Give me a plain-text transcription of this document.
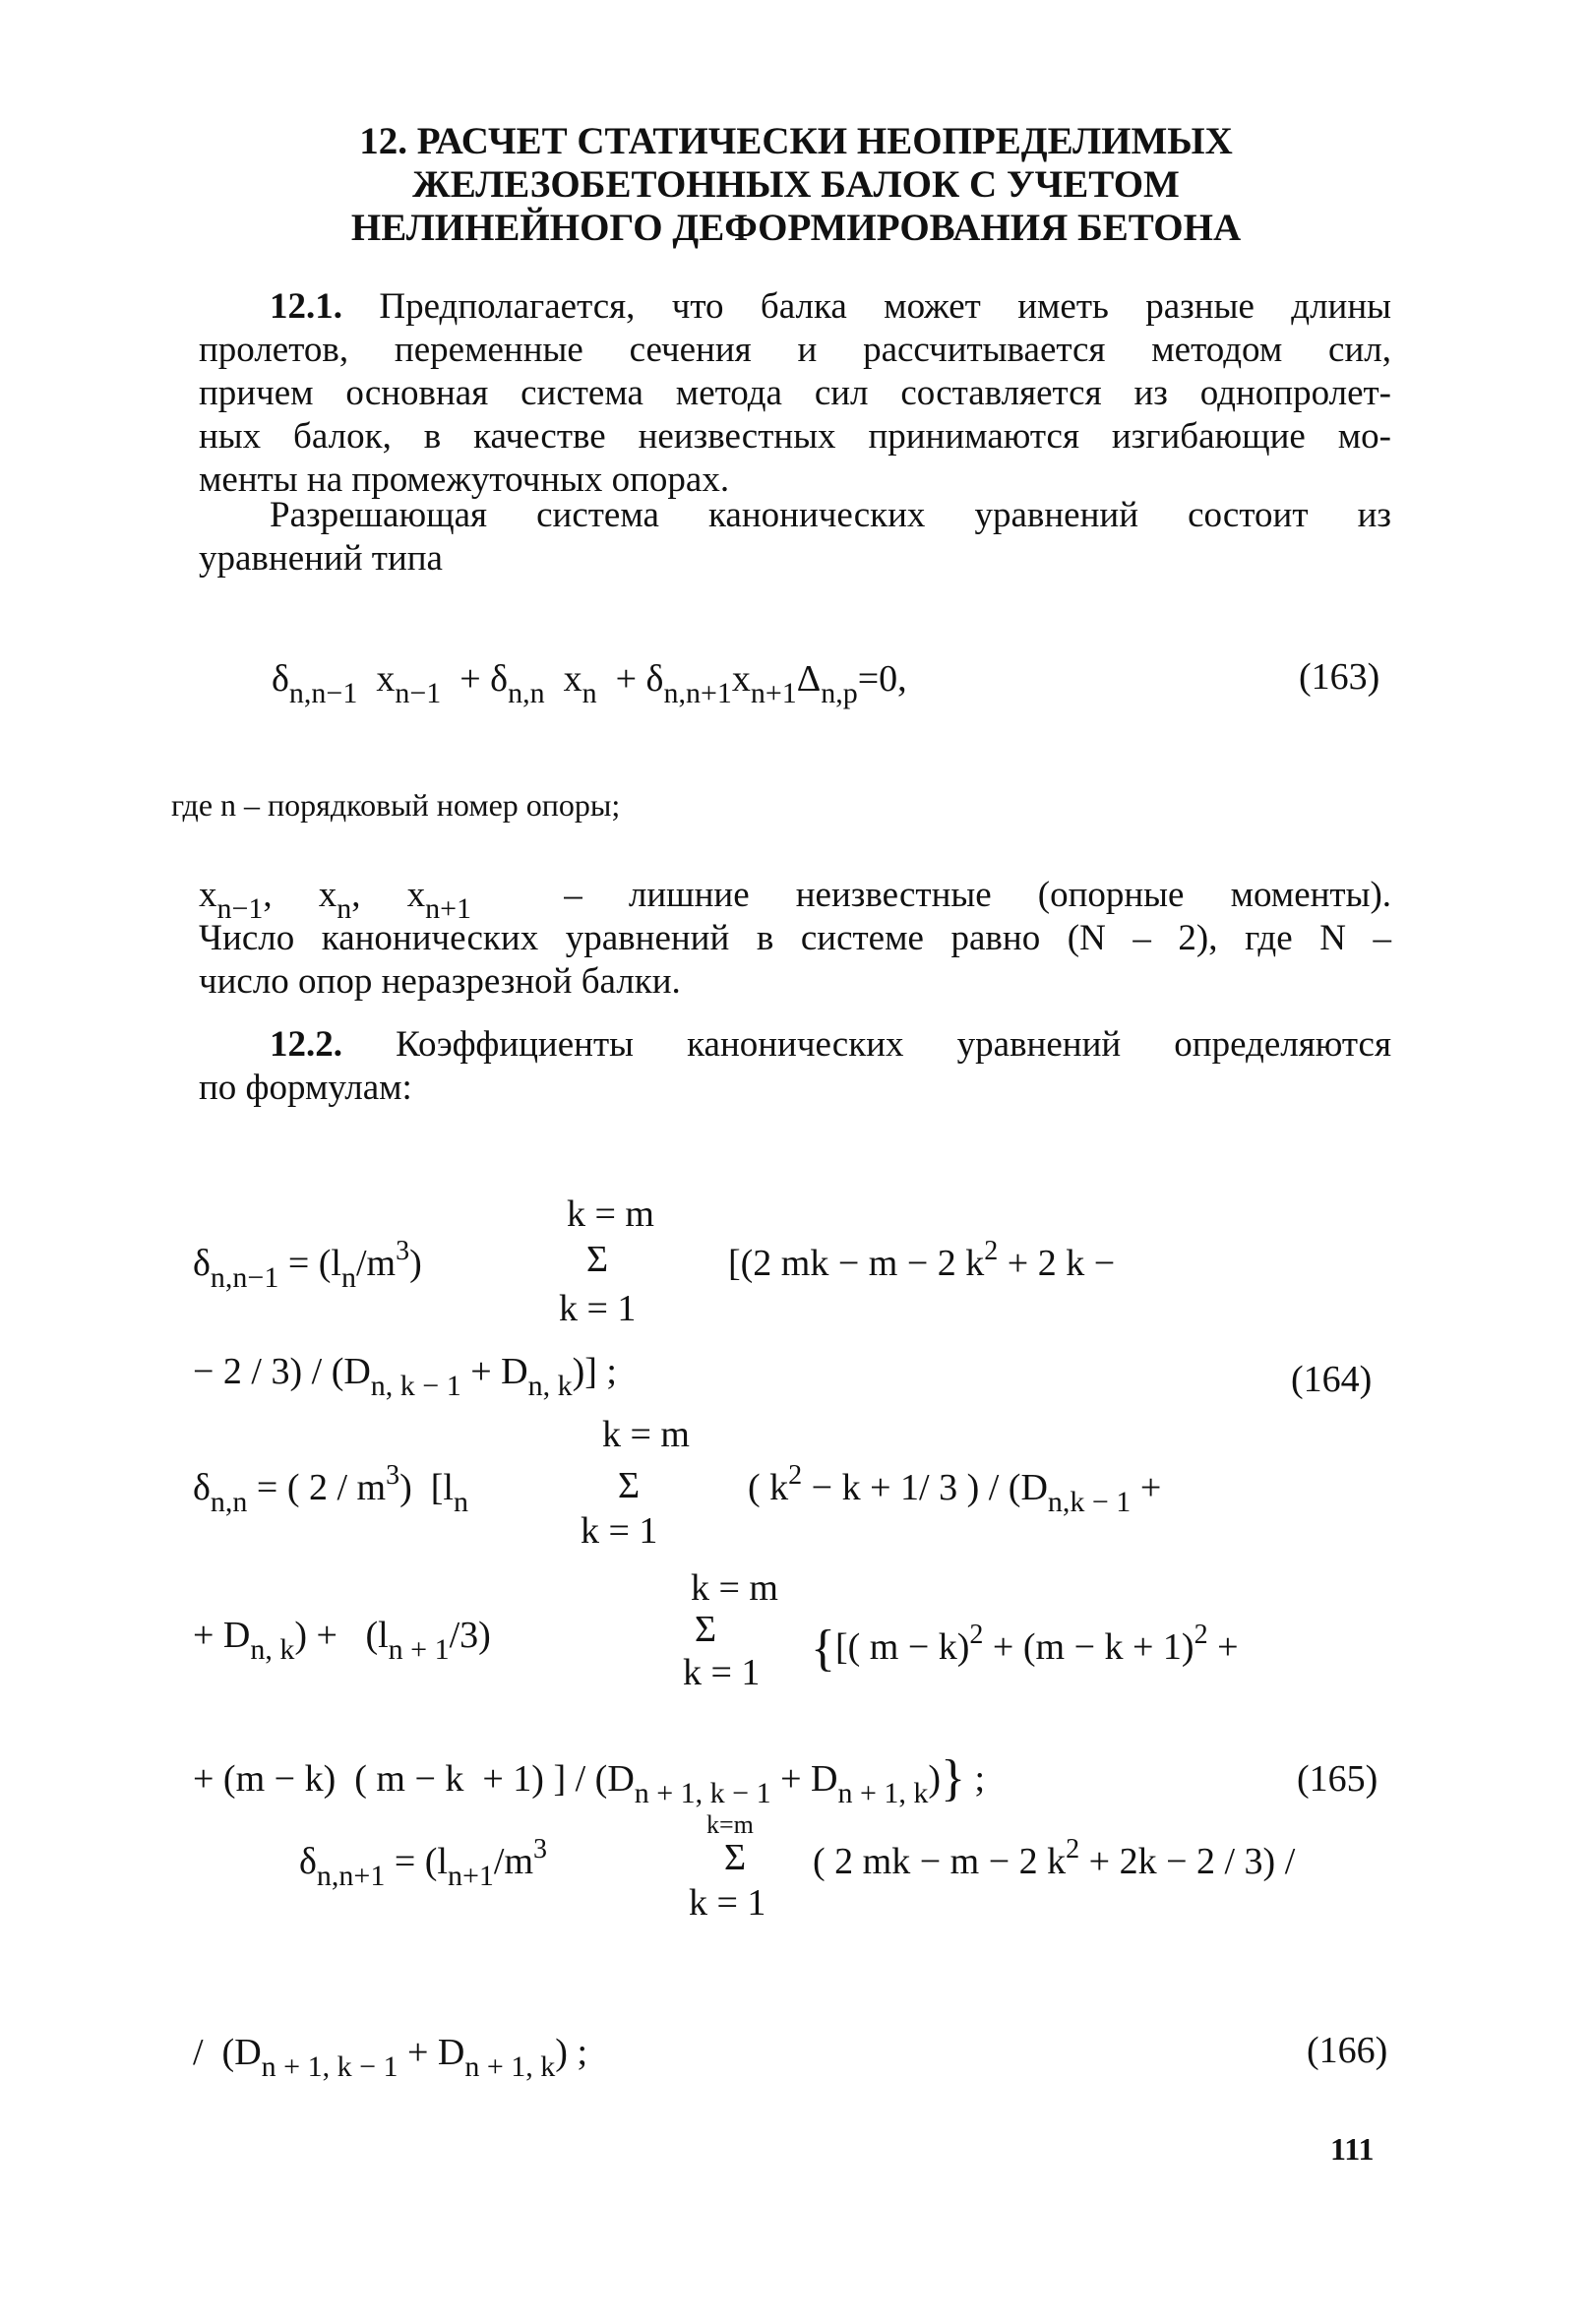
12. РАСЧЕТ СТАТИЧЕСКИ НЕОПРЕДЕЛИМЫХ
ЖЕЛЕЗОБЕТОННЫХ БАЛОК С УЧЕТОМ
НЕЛИНЕЙНОГО ДЕФОРМИРОВАНИЯ БЕТОНА
12.1. Предполагается, что балка может иметь разные длины
пролетов, переменные сечения и рассчитывается методом сил,
причем основная система метода сил составляется из однопролет-
ных балок, в качестве неизвестных принимаются изгибающие мо-
менты на промежуточных опорах.
Разрешающая система канонических уравнений состоит из
уравнений типа
$\delta_{n,n-1}$  $x_{n-1} + \delta_{n,n}$  $x_n + \delta_{n,n+1}x_{n+1}\Delta_{n,p}=0$,	(163)
где n – порядковый номер опоры;
$x_{n-1}$, $x_n$, $x_{n+1}$  – лишние неизвестные (опорные моменты).
Число канонических уравнений в системе равно (N – 2), где N –
число опор неразрезной балки.
12.2. Коэффициенты канонических уравнений определяются
по формулам:
k = m
$\delta_{n,n-1} = (l_n/m^3)$	Σ
k = 1
[(2 mk − m − 2 $k^2 + 2$ k −
− $2 / 3) / (D_{n, k - 1} + D_{n, k})$] ;	(164)
k = m
$\delta_{n,n}$ = ( $2 / m^3$)  [$l_n$	Σ
k = 1
( $k^2 - k + 1/$ 3 ) / ($D_{n,k - 1}$ +
k = m
+ $D_{n, k}) + (l_{n + 1}/3)$	Σ
k = 1 {[( $m - k)^2 + (m - k + 1)^2$ +
+ (m − k)  ( m − k  + 1) ] / $(D_{n + 1, k - 1} + D_{n + 1, k})$} ;	(165)
k=m
$\delta_{n,n+1} = (l_{n+1}/m^3$	Σ
k = 1
( 2 mk − m − 2 $k^2 + 2k - 2 / 3$) /
/  $(D_{n + 1, k - 1} + D_{n + 1, k})$ ;	(166)
111
